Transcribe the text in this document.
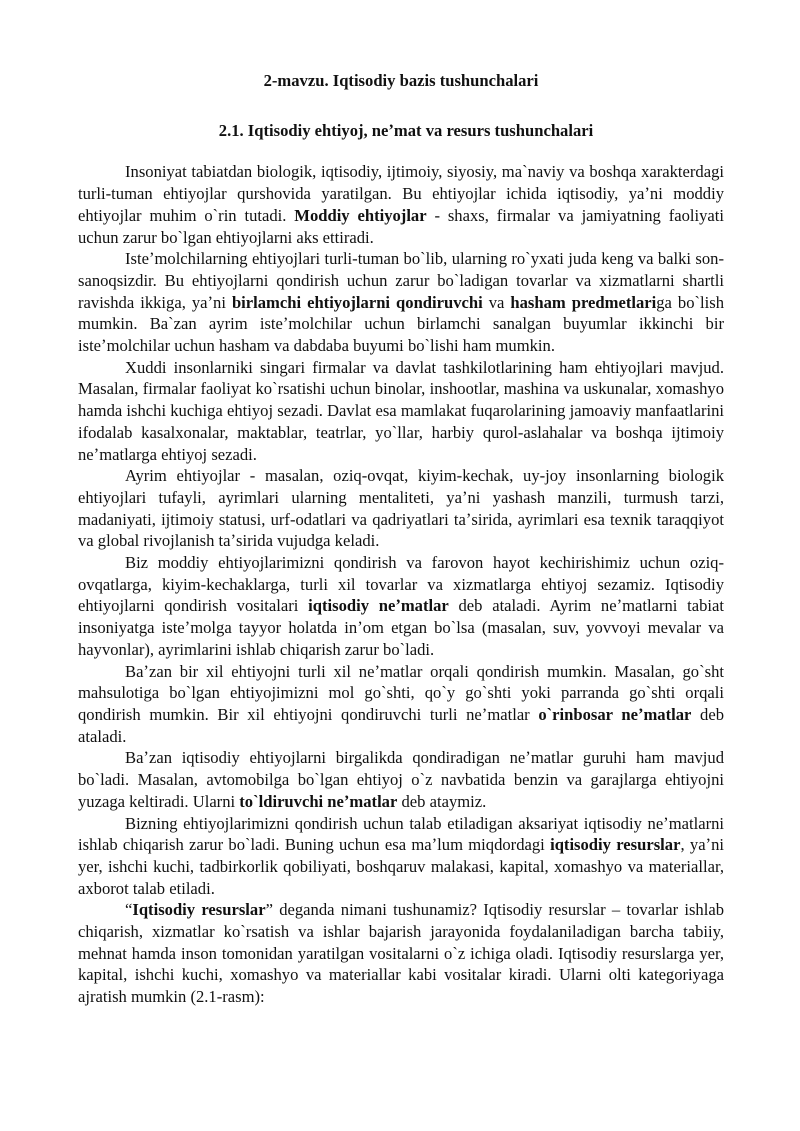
2-mavzu. Iqtisodiy bazis tushunchalari
2.1. Iqtisodiy ehtiyoj, neʼmat va resurs tushunchalari

Insoniyat tabiatdan biologik, iqtisodiy, ijtimoiy, siyosiy, ma`naviy va boshqa xarakterdagi turli-tuman ehtiyojlar qurshovida yaratilgan. Bu ehtiyojlar ichida iqtisodiy, yaʼni moddiy ehtiyojlar muhim o`rin tutadi. Moddiy ehtiyojlar - shaxs, firmalar va jamiyatning faoliyati uchun zarur bo`lgan ehtiyojlarni aks ettiradi.

Isteʼmolchilarning ehtiyojlari turli-tuman bo`lib, ularning ro`yxati juda keng va balki son-sanoqsizdir. Bu ehtiyojlarni qondirish uchun zarur bo`ladigan tovarlar va xizmatlarni shartli ravishda ikkiga, yaʼni birlamchi ehtiyojlarni qondiruvchi va hasham predmetlariga bo`lish mumkin. Ba`zan ayrim isteʼmolchilar uchun birlamchi sanalgan buyumlar ikkinchi bir isteʼmolchilar uchun hasham va dabdaba buyumi bo`lishi ham mumkin.

Xuddi insonlarniki singari firmalar va davlat tashkilotlarining ham ehtiyojlari mavjud. Masalan, firmalar faoliyat ko`rsatishi uchun binolar, inshootlar, mashina va uskunalar, xomashyo hamda ishchi kuchiga ehtiyoj sezadi. Davlat esa mamlakat fuqarolarining jamoaviy manfaatlarini ifodalab kasalxonalar, maktablar, teatrlar, yo`llar, harbiy qurol-aslahalar va boshqa ijtimoiy neʼmatlarga ehtiyoj sezadi.

Ayrim ehtiyojlar - masalan, oziq-ovqat, kiyim-kechak, uy-joy insonlarning biologik ehtiyojlari tufayli, ayrimlari ularning mentaliteti, yaʼni yashash manzili, turmush tarzi, madaniyati, ijtimoiy statusi, urf-odatlari va qadriyatlari taʼsirida, ayrimlari esa texnik taraqqiyot va global rivojlanish taʼsirida vujudga keladi.

Biz moddiy ehtiyojlarimizni qondirish va farovon hayot kechirishimiz uchun oziq-ovqatlarga, kiyim-kechaklarga, turli xil tovarlar va xizmatlarga ehtiyoj sezamiz. Iqtisodiy ehtiyojlarni qondirish vositalari iqtisodiy neʼmatlar deb ataladi. Ayrim neʼmatlarni tabiat insoniyatga isteʼmolga tayyor holatda inʼom etgan bo`lsa (masalan, suv, yovvoyi mevalar va hayvonlar), ayrimlarini ishlab chiqarish zarur bo`ladi.

Baʼzan bir xil ehtiyojni turli xil neʼmatlar orqali qondirish mumkin. Masalan, go`sht mahsulotiga bo`lgan ehtiyojimizni mol go`shti, qo`y go`shti yoki parranda go`shti orqali qondirish mumkin. Bir xil ehtiyojni qondiruvchi turli neʼmatlar o`rinbosar neʼmatlar deb ataladi.

Baʼzan iqtisodiy ehtiyojlarni birgalikda qondiradigan neʼmatlar guruhi ham mavjud bo`ladi. Masalan, avtomobilga bo`lgan ehtiyoj o`z navbatida benzin va garajlarga ehtiyojni yuzaga keltiradi. Ularni to`ldiruvchi neʼmatlar deb ataymiz.

Bizning ehtiyojlarimizni qondirish uchun talab etiladigan aksariyat iqtisodiy neʼmatlarni ishlab chiqarish zarur bo`ladi. Buning uchun esa maʼlum miqdordagi iqtisodiy resurslar, yaʼni yer, ishchi kuchi, tadbirkorlik qobiliyati, boshqaruv malakasi, kapital, xomashyo va materiallar, axborot talab etiladi.

“Iqtisodiy resurslar” deganda nimani tushunamiz? Iqtisodiy resurslar – tovarlar ishlab chiqarish, xizmatlar ko`rsatish va ishlar bajarish jarayonida foydalaniladigan barcha tabiiy, mehnat hamda inson tomonidan yaratilgan vositalarni o`z ichiga oladi. Iqtisodiy resurslarga yer, kapital, ishchi kuchi, xomashyo va materiallar kabi vositalar kiradi. Ularni olti kategoriyaga ajratish mumkin (2.1-rasm):
